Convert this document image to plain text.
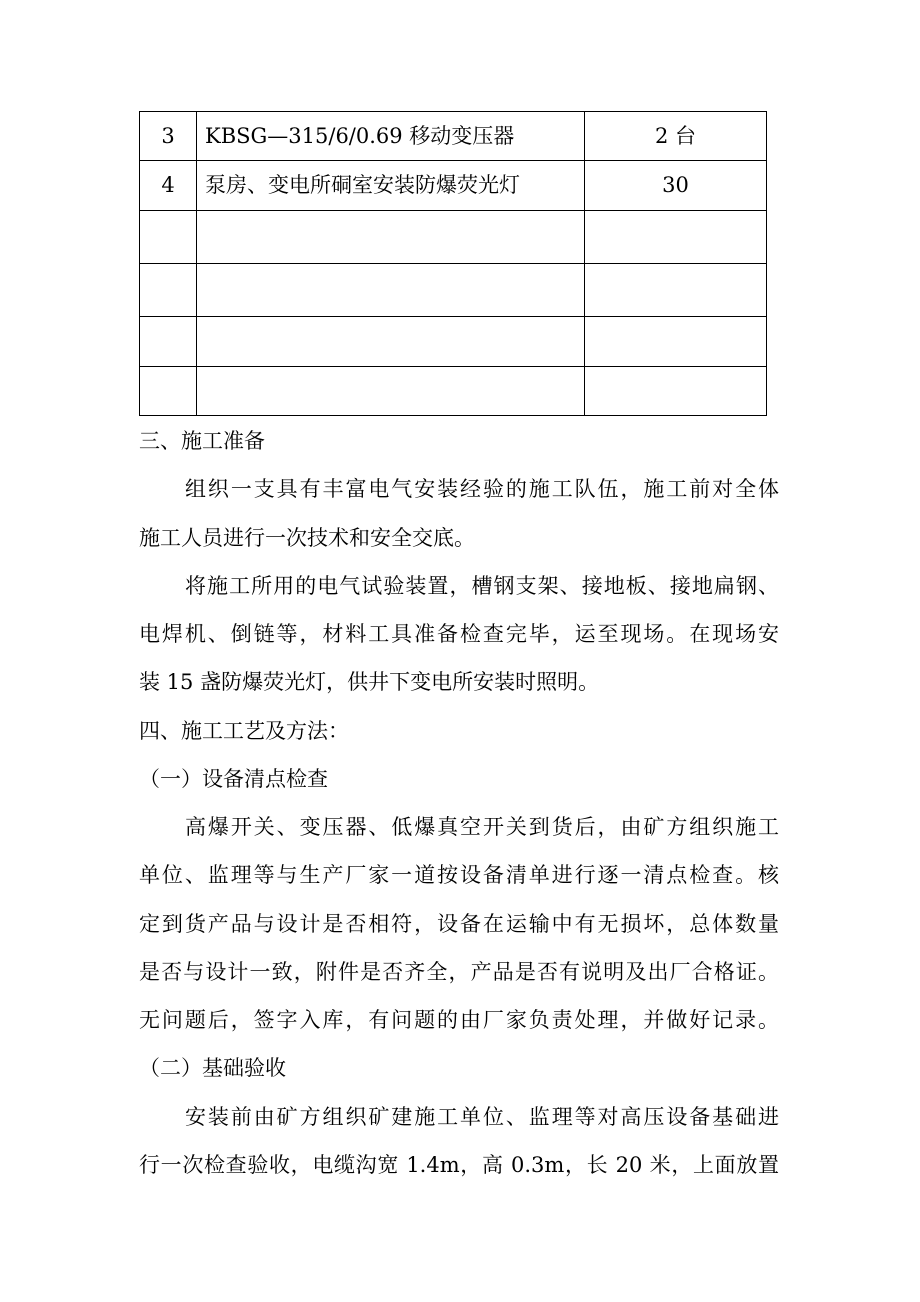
3	KBSG—315/6/0.69 移动变压器	2 台
4	泵房、变电所硐室安装防爆荧光灯	30

三、施工准备
组织一支具有丰富电气安装经验的施工队伍，施工前对全体
施工人员进行一次技术和安全交底。
将施工所用的电气试验装置，槽钢支架、接地板、接地扁钢、
电焊机、倒链等，材料工具准备检查完毕，运至现场。在现场安
装 15 盏防爆荧光灯，供井下变电所安装时照明。
四、施工工艺及方法：
（一）设备清点检查
高爆开关、变压器、低爆真空开关到货后，由矿方组织施工
单位、监理等与生产厂家一道按设备清单进行逐一清点检查。核
定到货产品与设计是否相符，设备在运输中有无损坏，总体数量
是否与设计一致，附件是否齐全，产品是否有说明及出厂合格证。
无问题后，签字入库，有问题的由厂家负责处理，并做好记录。
（二）基础验收
安装前由矿方组织矿建施工单位、监理等对高压设备基础进
行一次检查验收，电缆沟宽 1.4m，高 0.3m，长 20 米，上面放置
